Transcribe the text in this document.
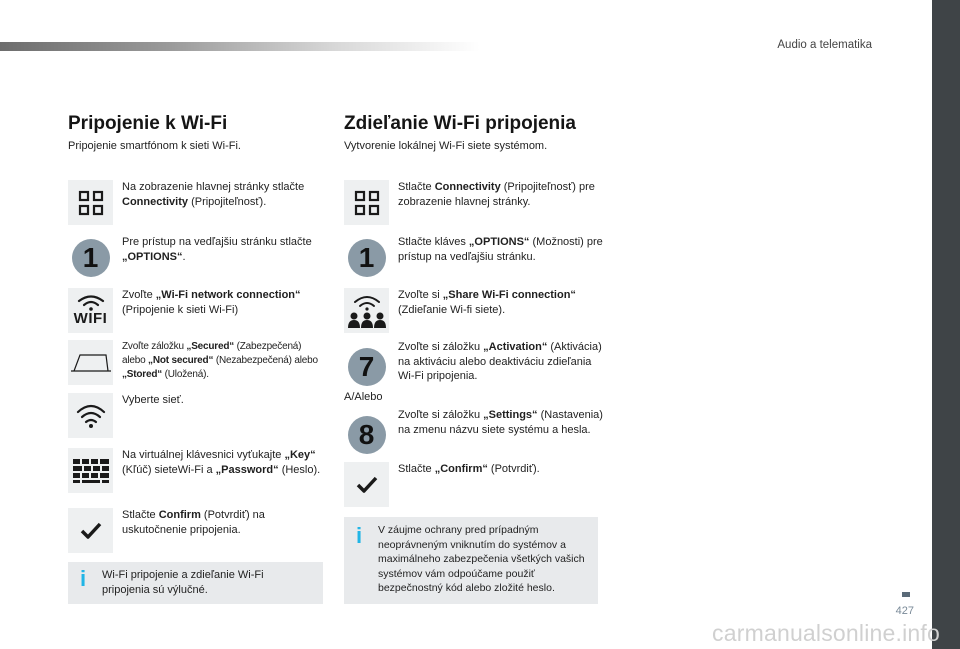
Audio a telematika
427
carmanualsonline.info
Pripojenie k Wi-Fi
Pripojenie smartfónom k sieti Wi-Fi.
Na zobrazenie hlavnej stránky stlačte Connectivity (Pripojiteľnosť).
1	Pre prístup na vedľajšiu stránku stlačte „OPTIONS“.
WIFI
Zvoľte „Wi-Fi network connection“ (Pripojenie k sieti Wi-Fi)
Zvoľte záložku „Secured“ (Zabezpečená) alebo „Not secured“ (Nezabezpečená) alebo „Stored“ (Uložená).
Vyberte sieť.
Na virtuálnej klávesnici vyťukajte „Key“ (Kľúč) sieteWi-Fi a „Password“ (Heslo).
Stlačte Confirm (Potvrdiť) na uskutočnenie pripojenia.
i Wi-Fi pripojenie a zdieľanie Wi-Fi pripojenia sú výlučné.
Zdieľanie Wi-Fi pripojenia
Vytvorenie lokálnej Wi-Fi siete systémom.
Stlačte Connectivity (Pripojiteľnosť) pre zobrazenie hlavnej stránky.
1	Stlačte kláves „OPTIONS“ (Možnosti) pre prístup na vedľajšiu stránku.
Zvoľte si „Share Wi-Fi connection“ (Zdieľanie Wi-fi siete).
7
Zvoľte si záložku „Activation“ (Aktivácia) na aktiváciu alebo deaktiváciu zdieľania Wi-Fi pripojenia.
A/Alebo
8
Zvoľte si záložku „Settings“ (Nastavenia) na zmenu názvu siete systému a hesla.
Stlačte „Confirm“ (Potvrdiť).
i V záujme ochrany pred prípadným neoprávneným vniknutím do systémov a maximálneho zabezpečenia všetkých vašich systémov vám odpoúčame použiť bezpečnostný kód alebo zložité heslo.
